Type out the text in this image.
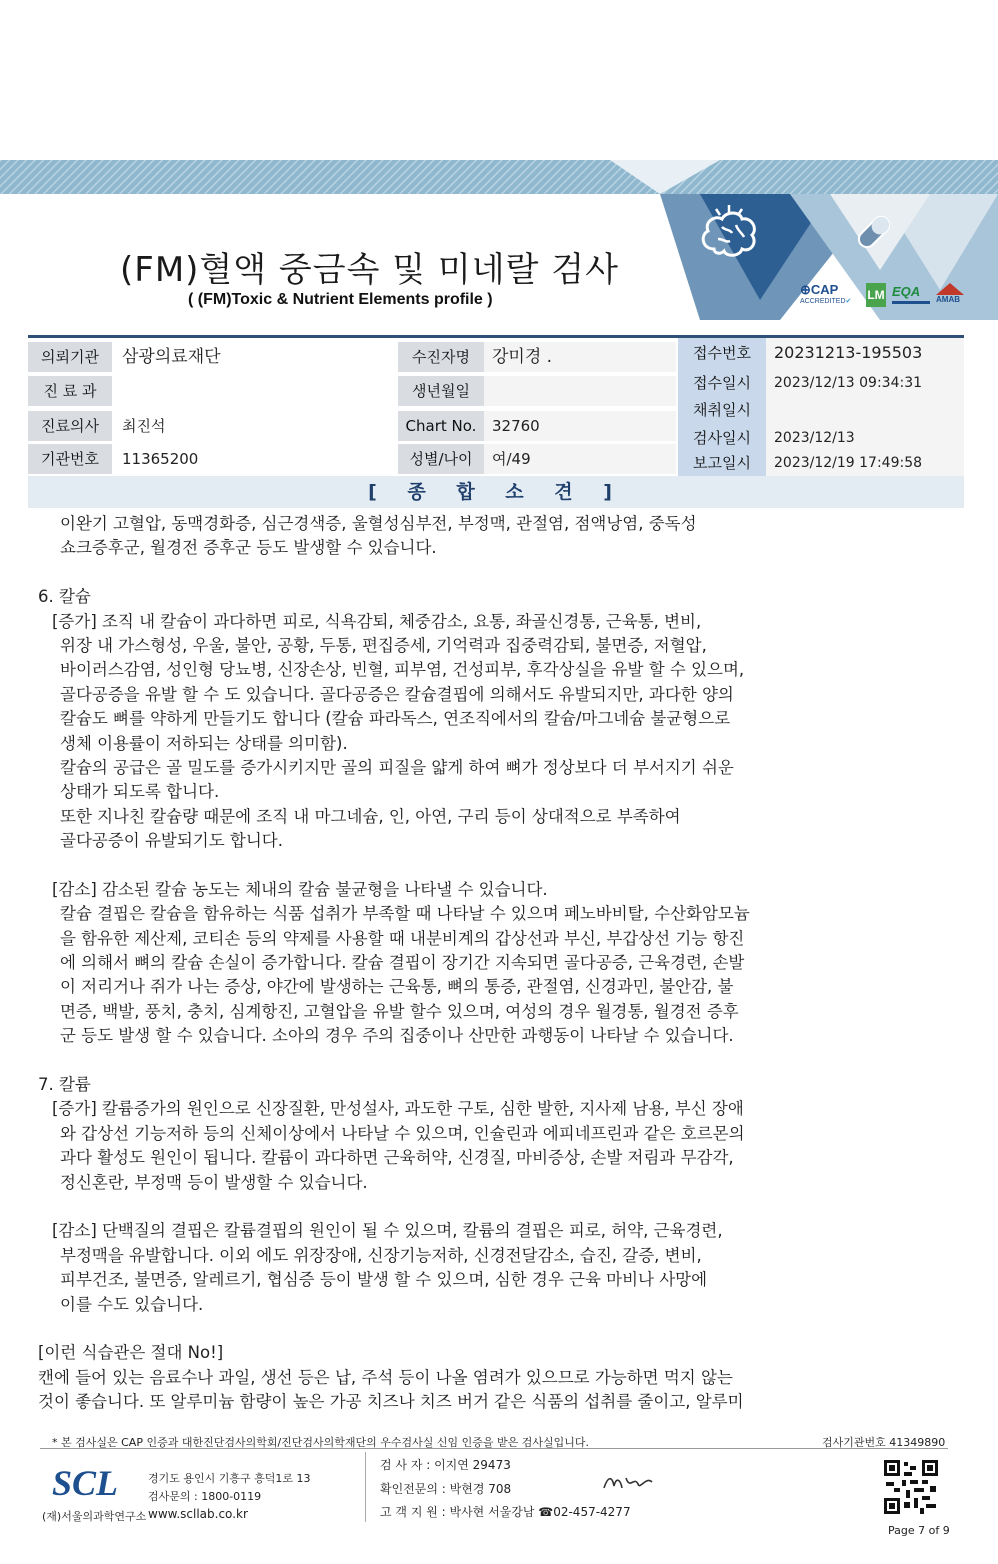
(FM)혈액 중금속 및 미네랄 검사
( (FM)Toxic & Nutrient Elements profile )
⊕CAP
ACCREDITED✔	LM EQA
AMAB
의뢰기관	삼광의료재단
진 료 과
진료의사	최진석
기관번호	11365200
수진자명	강미경 .
생년월일
Chart No.	32760
성별/나이	여/49
접수번호	20231213-195503
접수일시	2023/12/13 09:34:31
채취일시
검사일시	2023/12/13
보고일시	2023/12/19 17:49:58
[ 종 합 소 견 ]
이완기 고혈압, 동맥경화증, 심근경색증, 울혈성심부전, 부정맥, 관절염, 점액낭염, 중독성
쇼크증후군, 월경전 증후군 등도 발생할 수 있습니다.
6. 칼슘
[증가] 조직 내 칼슘이 과다하면 피로, 식욕감퇴, 체중감소, 요통, 좌골신경통, 근육통, 변비,
위장 내 가스형성, 우울, 불안, 공황, 두통, 편집증세, 기억력과 집중력감퇴, 불면증, 저혈압,
바이러스감염, 성인형 당뇨병, 신장손상, 빈혈, 피부염, 건성피부, 후각상실을 유발 할 수 있으며,
골다공증을 유발 할 수 도 있습니다. 골다공증은 칼슘결핍에 의해서도 유발되지만, 과다한 양의
칼슘도 뼈를 약하게 만들기도 합니다 (칼슘 파라독스, 연조직에서의 칼슘/마그네슘 불균형으로
생체 이용률이 저하되는 상태를 의미함).
칼슘의 공급은 골 밀도를 증가시키지만 골의 피질을 얇게 하여 뼈가 정상보다 더 부서지기 쉬운
상태가 되도록 합니다.
또한 지나친 칼슘량 때문에 조직 내 마그네슘, 인, 아연, 구리 등이 상대적으로 부족하여
골다공증이 유발되기도 합니다.
[감소] 감소된 칼슘 농도는 체내의 칼슘 불균형을 나타낼 수 있습니다.
칼슘 결핍은 칼슘을 함유하는 식품 섭취가 부족할 때 나타날 수 있으며 페노바비탈, 수산화암모늄
을 함유한 제산제, 코티손 등의 약제를 사용할 때 내분비계의 갑상선과 부신, 부갑상선 기능 항진
에 의해서 뼈의 칼슘 손실이 증가합니다. 칼슘 결핍이 장기간 지속되면 골다공증, 근육경련, 손발
이 저리거나 쥐가 나는 증상, 야간에 발생하는 근육통, 뼈의 통증, 관절염, 신경과민, 불안감, 불
면증, 백발, 풍치, 충치, 심계항진, 고혈압을 유발 할수 있으며, 여성의 경우 월경통, 월경전 증후
군 등도 발생 할 수 있습니다. 소아의 경우 주의 집중이나 산만한 과행동이 나타날 수 있습니다.
7. 칼륨
[증가] 칼륨증가의 원인으로 신장질환, 만성설사, 과도한 구토, 심한 발한, 지사제 남용, 부신 장애
와 갑상선 기능저하 등의 신체이상에서 나타날 수 있으며, 인슐린과 에피네프린과 같은 호르몬의
과다 활성도 원인이 됩니다. 칼륨이 과다하면 근육허약, 신경질, 마비증상, 손발 저림과 무감각,
정신혼란, 부정맥 등이 발생할 수 있습니다.
[감소] 단백질의 결핍은 칼륨결핍의 원인이 될 수 있으며, 칼륨의 결핍은 피로, 허약, 근육경련,
부정맥을 유발합니다. 이외 에도 위장장애, 신장기능저하, 신경전달감소, 습진, 갈증, 변비,
피부건조, 불면증, 알레르기, 협심증 등이 발생 할 수 있으며, 심한 경우 근육 마비나 사망에
이를 수도 있습니다.
[이런 식습관은 절대 No!]
캔에 들어 있는 음료수나 과일, 생선 등은 납, 주석 등이 나올 염려가 있으므로 가능하면 먹지 않는
것이 좋습니다. 또 알루미늄 함량이 높은 가공 치즈나 치즈 버거 같은 식품의 섭취를 줄이고, 알루미
* 본 검사실은 CAP 인증과 대한진단검사의학회/진단검사의학재단의 우수검사실 신임 인증을 받은 검사실입니다.	검사기관번호 41349890
SCL
(재)서울의과학연구소
경기도 용인시 기흥구 흥덕1로 13
검사문의 : 1800-0119
www.scllab.co.kr
검 사 자 : 이지연 29473
확인전문의 : 박현경 708
고 객 지 원 : 박사현 서울강남 ☎02-457-4277
Page 7 of 9
